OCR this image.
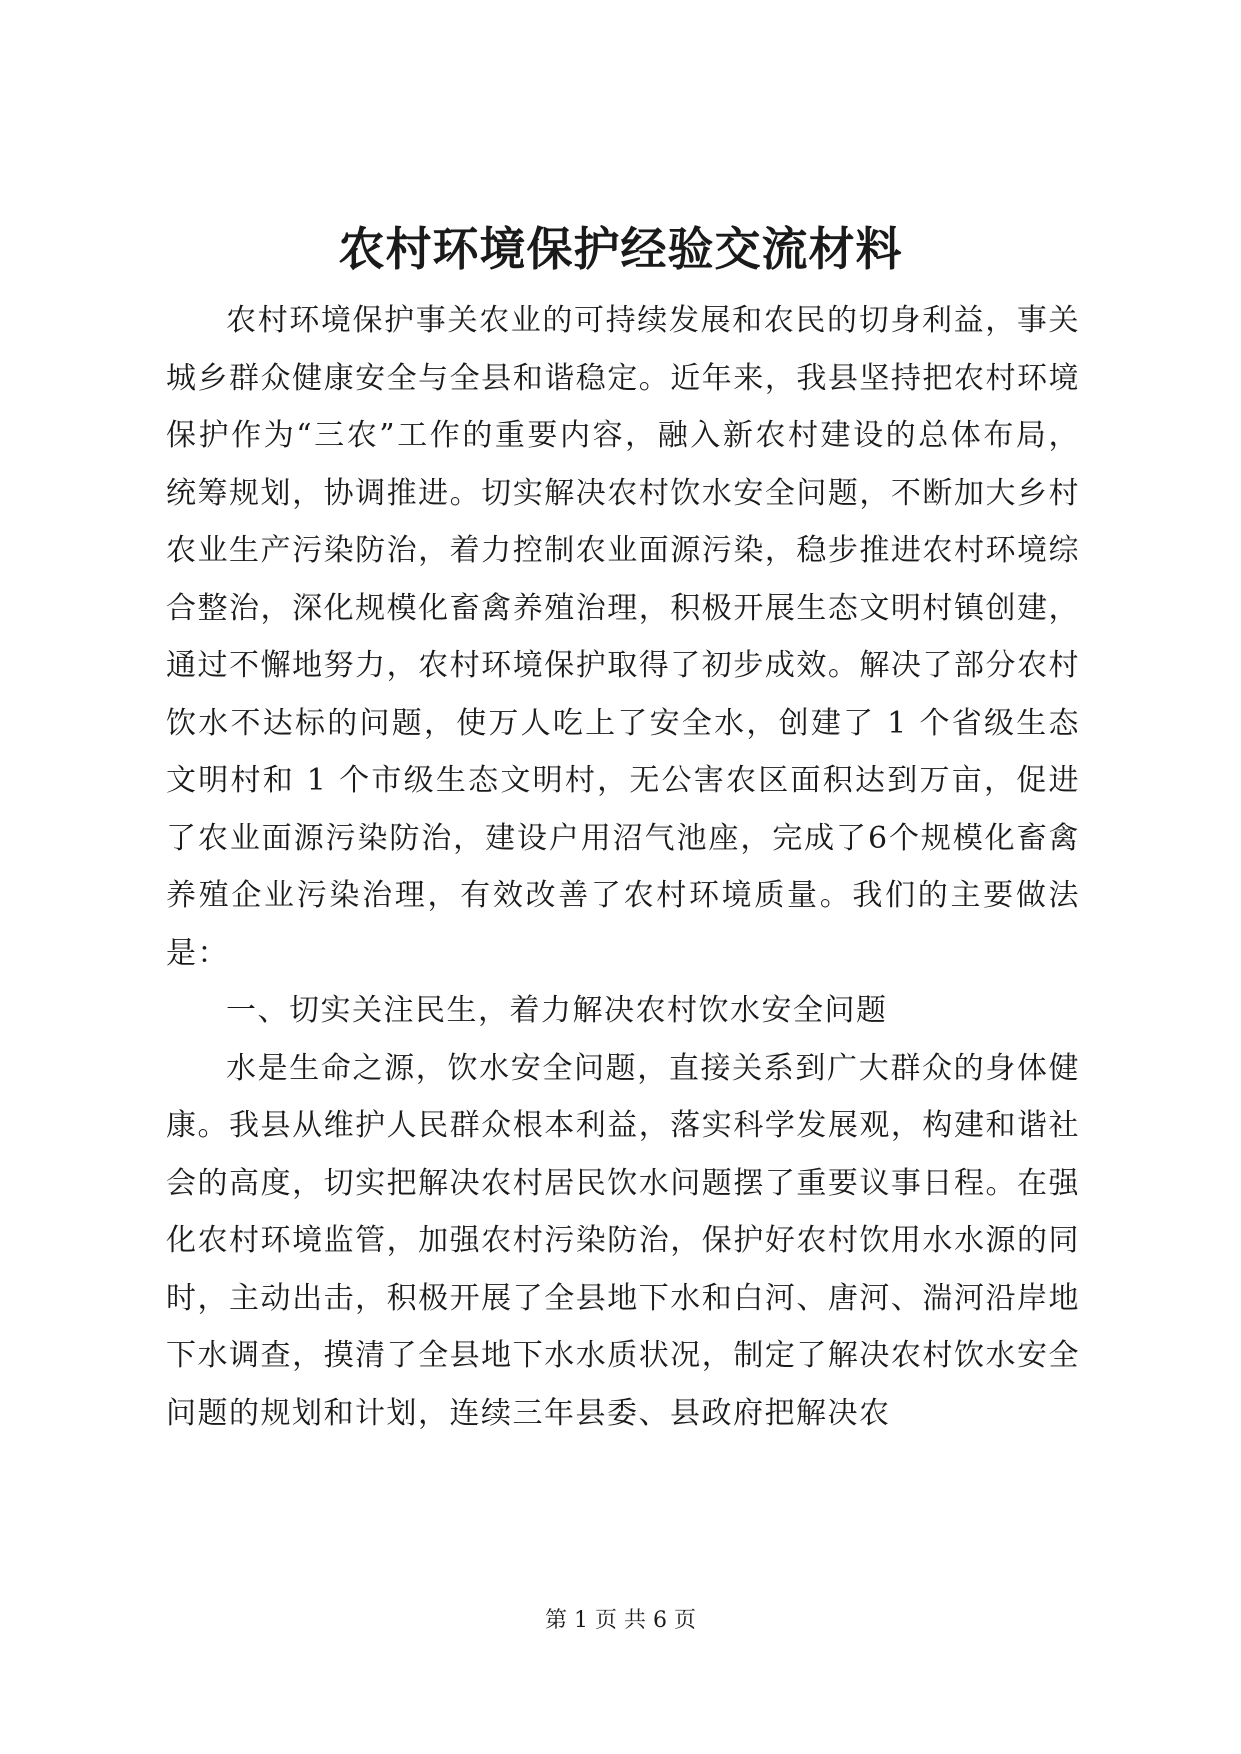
农村环境保护经验交流材料

农村环境保护事关农业的可持续发展和农民的切身利益，事关城乡群众健康安全与全县和谐稳定。近年来，我县坚持把农村环境保护作为“三农”工作的重要内容，融入新农村建设的总体布局，统筹规划，协调推进。切实解决农村饮水安全问题，不断加大乡村农业生产污染防治，着力控制农业面源污染，稳步推进农村环境综合整治，深化规模化畜禽养殖治理，积极开展生态文明村镇创建，通过不懈地努力，农村环境保护取得了初步成效。解决了部分农村饮水不达标的问题，使万人吃上了安全水，创建了 1 个省级生态文明村和 1 个市级生态文明村，无公害农区面积达到万亩，促进了农业面源污染防治，建设户用沼气池座，完成了6个规模化畜禽养殖企业污染治理，有效改善了农村环境质量。我们的主要做法是：

一、切实关注民生，着力解决农村饮水安全问题

水是生命之源，饮水安全问题，直接关系到广大群众的身体健康。我县从维护人民群众根本利益，落实科学发展观，构建和谐社会的高度，切实把解决农村居民饮水问题摆了重要议事日程。在强化农村环境监管，加强农村污染防治，保护好农村饮用水水源的同时，主动出击，积极开展了全县地下水和白河、唐河、湍河沿岸地下水调查，摸清了全县地下水水质状况，制定了解决农村饮水安全问题的规划和计划，连续三年县委、县政府把解决农

第 1 页 共 6 页
